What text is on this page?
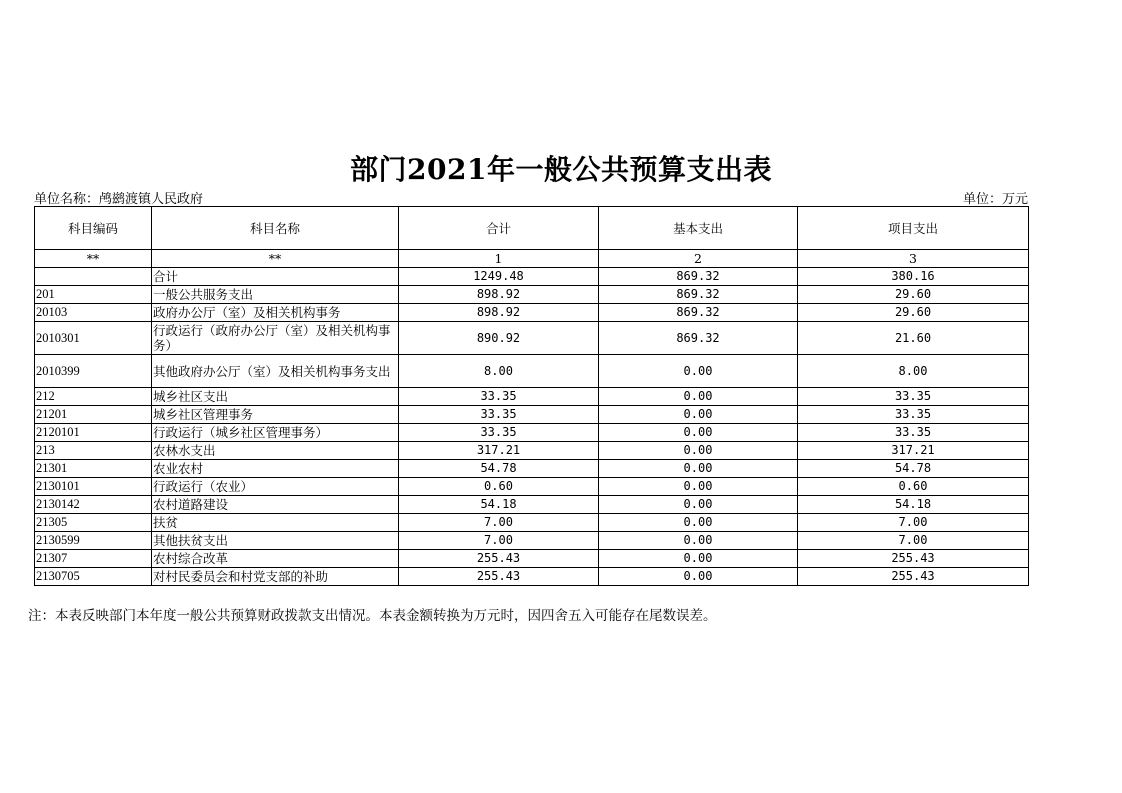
部门2021年一般公共预算支出表
单位名称：鸬鹚渡镇人民政府	单位：万元
科目编码	科目名称	合计	基本支出	项目支出
**	**	1	2	3
	合计	1249.48	869.32	380.16
201	一般公共服务支出	898.92	869.32	29.60
20103	政府办公厅（室）及相关机构事务	898.92	869.32	29.60
2010301	行政运行（政府办公厅（室）及相关机构事务）	890.92	869.32	21.60
2010399	其他政府办公厅（室）及相关机构事务支出	8.00	0.00	8.00
212	城乡社区支出	33.35	0.00	33.35
21201	城乡社区管理事务	33.35	0.00	33.35
2120101	行政运行（城乡社区管理事务）	33.35	0.00	33.35
213	农林水支出	317.21	0.00	317.21
21301	农业农村	54.78	0.00	54.78
2130101	行政运行（农业）	0.60	0.00	0.60
2130142	农村道路建设	54.18	0.00	54.18
21305	扶贫	7.00	0.00	7.00
2130599	其他扶贫支出	7.00	0.00	7.00
21307	农村综合改革	255.43	0.00	255.43
2130705	对村民委员会和村党支部的补助	255.43	0.00	255.43
注：本表反映部门本年度一般公共预算财政拨款支出情况。本表金额转换为万元时，因四舍五入可能存在尾数误差。
